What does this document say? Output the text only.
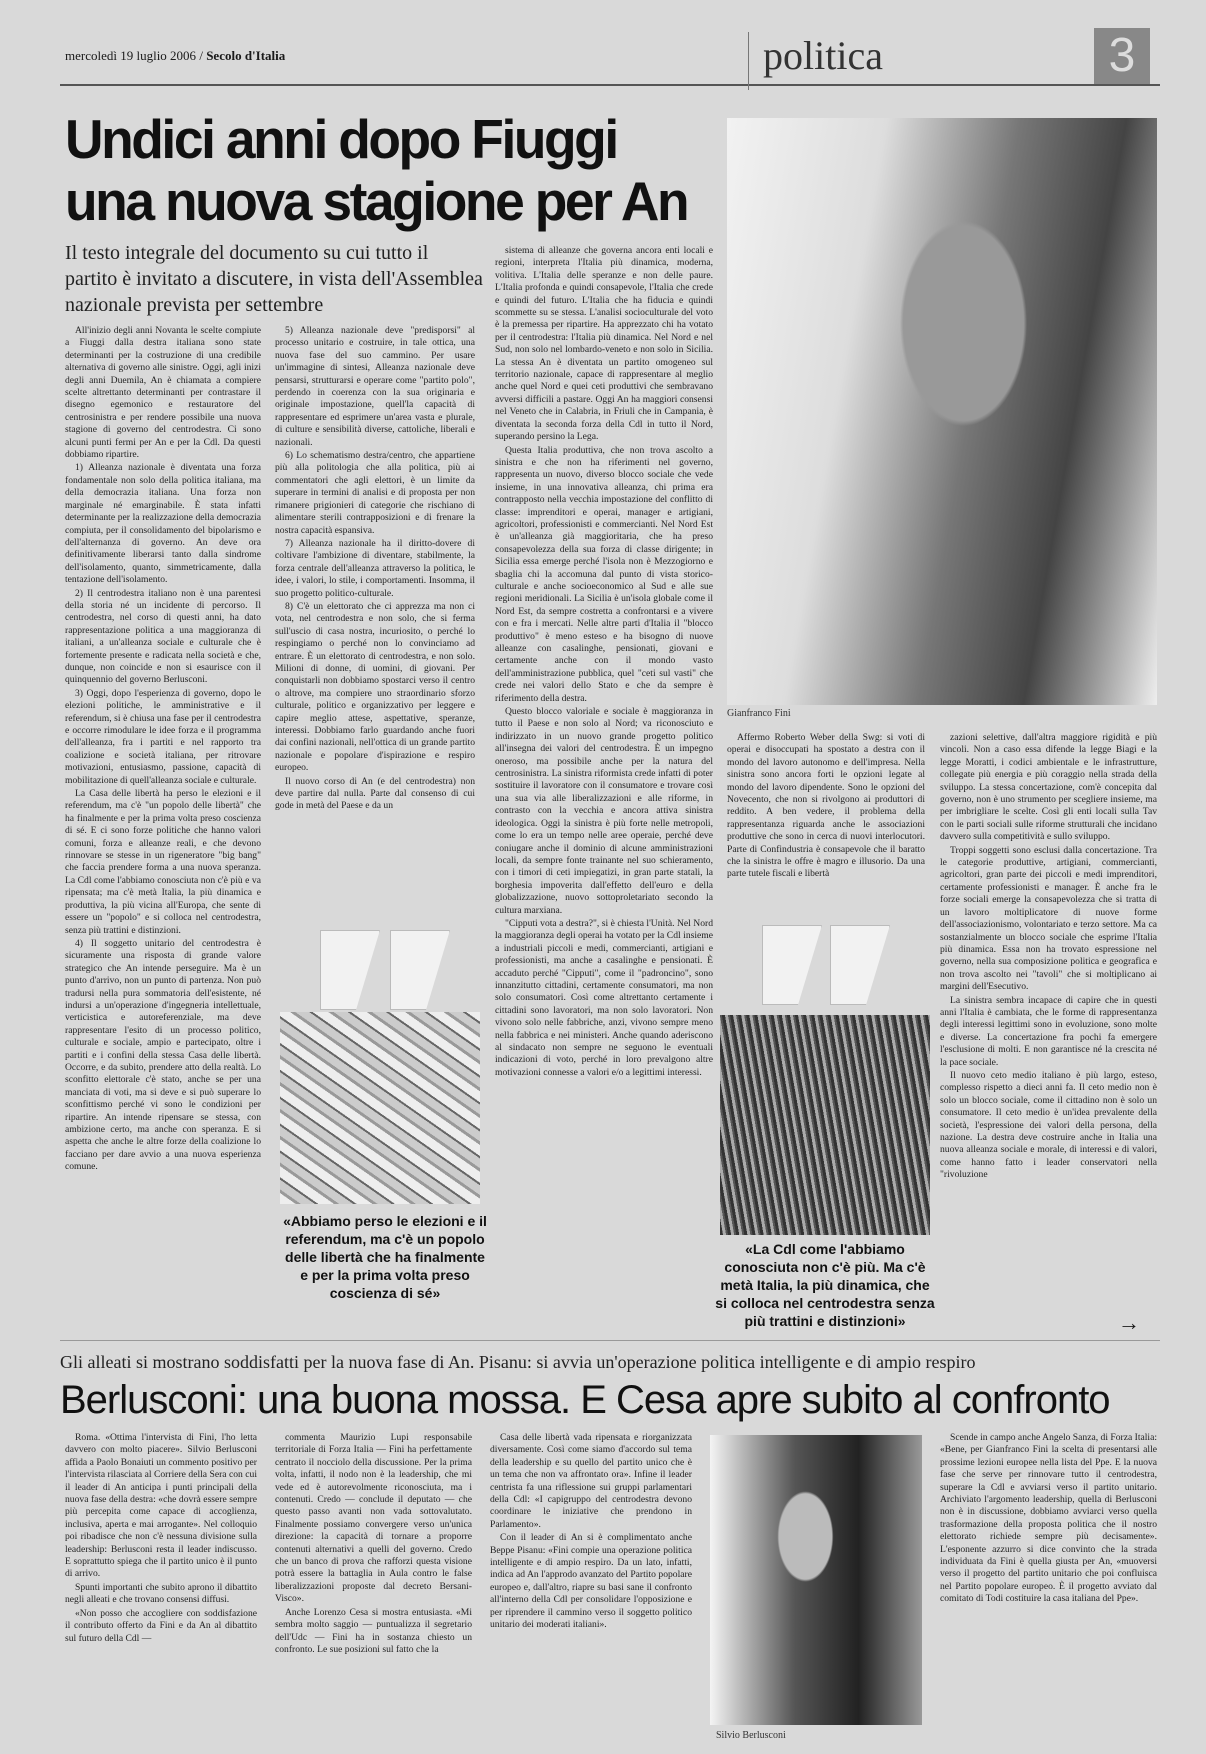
mercoledì 19 luglio 2006 / Secolo d'Italia	politica	3
Undici anni dopo Fiuggi
una nuova stagione per An
Il testo integrale del documento su cui tutto il partito è invitato a discutere, in vista dell'Assemblea nazionale prevista per settembre
Gianfranco Fini

All'inizio degli anni Novanta le scelte compiute a Fiuggi dalla destra italiana sono state determinanti per la costruzione di una credibile alternativa di governo alle sinistre. Oggi, agli inizi degli anni Duemila, An è chiamata a compiere scelte altrettanto determinanti per contrastare il disegno egemonico e restauratore del centrosinistra e per rendere possibile una nuova stagione di governo del centrodestra. Ci sono alcuni punti fermi per An e per la Cdl. Da questi dobbiamo ripartire.

1) Alleanza nazionale è diventata una forza fondamentale non solo della politica italiana, ma della democrazia italiana. Una forza non marginale né emarginabile. È stata infatti determinante per la realizzazione della democrazia compiuta, per il consolidamento del bipolarismo e dell'alternanza di governo. An deve ora definitivamente liberarsi tanto dalla sindrome dell'isolamento, quanto, simmetricamente, dalla tentazione dell'isolamento.

2) Il centrodestra italiano non è una parentesi della storia né un incidente di percorso. Il centrodestra, nel corso di questi anni, ha dato rappresentazione politica a una maggioranza di italiani, a un'alleanza sociale e culturale che è fortemente presente e radicata nella società e che, dunque, non coincide e non si esaurisce con il quinquennio del governo Berlusconi.

3) Oggi, dopo l'esperienza di governo, dopo le elezioni politiche, le amministrative e il referendum, si è chiusa una fase per il centrodestra e occorre rimodulare le idee forza e il programma dell'alleanza, fra i partiti e nel rapporto tra coalizione e società italiana, per ritrovare motivazioni, entusiasmo, passione, capacità di mobilitazione di quell'alleanza sociale e culturale.

La Casa delle libertà ha perso le elezioni e il referendum, ma c'è "un popolo delle libertà" che ha finalmente e per la prima volta preso coscienza di sé. E ci sono forze politiche che hanno valori comuni, forza e alleanze reali, e che devono rinnovare se stesse in un rigeneratore "big bang" che faccia prendere forma a una nuova speranza. La Cdl come l'abbiamo conosciuta non c'è più e va ripensata; ma c'è metà Italia, la più dinamica e produttiva, la più vicina all'Europa, che sente di essere un "popolo" e si colloca nel centrodestra, senza più trattini e distinzioni.

4) Il soggetto unitario del centrodestra è sicuramente una risposta di grande valore strategico che An intende perseguire. Ma è un punto d'arrivo, non un punto di partenza. Non può tradursi nella pura sommatoria dell'esistente, né indursi a un'operazione d'ingegneria intellettuale, verticistica e autoreferenziale, ma deve rappresentare l'esito di un processo politico, culturale e sociale, ampio e partecipato, oltre i partiti e i confini della stessa Casa delle libertà. Occorre, e da subito, prendere atto della realtà. Lo sconfitto elettorale c'è stato, anche se per una manciata di voti, ma si deve e si può superare lo sconfittismo perché vi sono le condizioni per ripartire. An intende ripensare se stessa, con ambizione certo, ma anche con speranza. E si aspetta che anche le altre forze della coalizione lo facciano per dare avvio a una nuova esperienza comune.

5) Alleanza nazionale deve "predisporsi" al processo unitario e costruire, in tale ottica, una nuova fase del suo cammino. Per usare un'immagine di sintesi, Alleanza nazionale deve pensarsi, strutturarsi e operare come "partito polo", perdendo in coerenza con la sua originaria e originale impostazione, quell'la capacità di rappresentare ed esprimere un'area vasta e plurale, di culture e sensibilità diverse, cattoliche, liberali e nazionali.

6) Lo schematismo destra/centro, che appartiene più alla politologia che alla politica, più ai commentatori che agli elettori, è un limite da superare in termini di analisi e di proposta per non rimanere prigionieri di categorie che rischiano di alimentare sterili contrapposizioni e di frenare la nostra capacità espansiva.

7) Alleanza nazionale ha il diritto-dovere di coltivare l'ambizione di diventare, stabilmente, la forza centrale dell'alleanza attraverso la politica, le idee, i valori, lo stile, i comportamenti. Insomma, il suo progetto politico-culturale.

8) C'è un elettorato che ci apprezza ma non ci vota, nel centrodestra e non solo, che si ferma sull'uscio di casa nostra, incuriosito, o perché lo respingiamo o perché non lo convinciamo ad entrare. È un elettorato di centrodestra, e non solo. Milioni di donne, di uomini, di giovani. Per conquistarli non dobbiamo spostarci verso il centro o altrove, ma compiere uno straordinario sforzo culturale, politico e organizzativo per leggere e capire meglio attese, aspettative, speranze, interessi. Dobbiamo farlo guardando anche fuori dai confini nazionali, nell'ottica di un grande partito nazionale e popolare d'ispirazione e respiro europeo.

Il nuovo corso di An (e del centrodestra) non deve partire dal nulla. Parte dal consenso di cui gode in metà del Paese e da un

sistema di alleanze che governa ancora enti locali e regioni, interpreta l'Italia più dinamica, moderna, volitiva. L'Italia delle speranze e non delle paure. L'Italia profonda e quindi consapevole, l'Italia che crede e quindi del futuro. L'Italia che ha fiducia e quindi scommette su se stessa. L'analisi socioculturale del voto è la premessa per ripartire. Ha apprezzato chi ha votato per il centrodestra: l'Italia più dinamica. Nel Nord e nel Sud, non solo nel lombardo-veneto e non solo in Sicilia. La stessa An è diventata un partito omogeneo sul territorio nazionale, capace di rappresentare al meglio anche quel Nord e quei ceti produttivi che sembravano avversi difficili a pastare. Oggi An ha maggiori consensi nel Veneto che in Calabria, in Friuli che in Campania, è diventata la seconda forza della Cdl in tutto il Nord, superando persino la Lega.

Questa Italia produttiva, che non trova ascolto a sinistra e che non ha riferimenti nel governo, rappresenta un nuovo, diverso blocco sociale che vede insieme, in una innovativa alleanza, chi prima era contrapposto nella vecchia impostazione del conflitto di classe: imprenditori e operai, manager e artigiani, agricoltori, professionisti e commercianti. Nel Nord Est è un'alleanza già maggioritaria, che ha preso consapevolezza della sua forza di classe dirigente; in Sicilia essa emerge perché l'isola non è Mezzogiorno e sbaglia chi la accomuna dal punto di vista storico-culturale e anche socioeconomico al Sud e alle sue regioni meridionali. La Sicilia è un'isola globale come il Nord Est, da sempre costretta a confrontarsi e a vivere con e fra i mercati. Nelle altre parti d'Italia il "blocco produttivo" è meno esteso e ha bisogno di nuove alleanze con casalinghe, pensionati, giovani e certamente anche con il mondo vasto dell'amministrazione pubblica, quel "ceti sul vasti" che crede nei valori dello Stato e che da sempre è riferimento della destra.

Questo blocco valoriale e sociale è maggioranza in tutto il Paese e non solo al Nord; va riconosciuto e indirizzato in un nuovo grande progetto politico all'insegna dei valori del centrodestra. È un impegno oneroso, ma possibile anche per la natura del centrosinistra. La sinistra riformista crede infatti di poter sostituire il lavoratore con il consumatore e trovare così una sua via alle liberalizzazioni e alle riforme, in contrasto con la vecchia e ancora attiva sinistra ideologica. Oggi la sinistra è più forte nelle metropoli, come lo era un tempo nelle aree operaie, perché deve coniugare anche il dominio di alcune amministrazioni locali, da sempre fonte trainante nel suo schieramento, con i timori di ceti impiegatizi, in gran parte statali, la borghesia impoverita dall'effetto dell'euro e della globalizzazione, nuovo sottoproletariato secondo la cultura marxiana.

"Cipputi vota a destra?", si è chiesta l'Unità. Nel Nord la maggioranza degli operai ha votato per la Cdl insieme a industriali piccoli e medi, commercianti, artigiani e professionisti, ma anche a casalinghe e pensionati. È accaduto perché "Cipputi", come il "padroncino", sono innanzitutto cittadini, certamente consumatori, ma non solo consumatori. Così come altrettanto certamente i cittadini sono lavoratori, ma non solo lavoratori. Non vivono solo nelle fabbriche, anzi, vivono sempre meno nella fabbrica e nei ministeri. Anche quando aderiscono al sindacato non sempre ne seguono le eventuali indicazioni di voto, perché in loro prevalgono altre motivazioni connesse a valori e/o a legittimi interessi.

Affermo Roberto Weber della Swg: si voti di operai e disoccupati ha spostato a destra con il mondo del lavoro autonomo e dell'impresa. Nella sinistra sono ancora forti le opzioni legate al mondo del lavoro dipendente. Sono le opzioni del Novecento, che non si rivolgono ai produttori di reddito. A ben vedere, il problema della rappresentanza riguarda anche le associazioni produttive che sono in cerca di nuovi interlocutori. Parte di Confindustria è consapevole che il baratto che la sinistra le offre è magro e illusorio. Da una parte tutele fiscali e libertà

zazioni selettive, dall'altra maggiore rigidità e più vincoli. Non a caso essa difende la legge Biagi e la legge Moratti, i codici ambientale e le infrastrutture, collegate più energia e più coraggio nella strada della sviluppo. La stessa concertazione, com'è concepita dal governo, non è uno strumento per scegliere insieme, ma per imbrigliare le scelte. Così gli enti locali sulla Tav con le parti sociali sulle riforme strutturali che incidano davvero sulla competitività e sullo sviluppo.

Troppi soggetti sono esclusi dalla concertazione. Tra le categorie produttive, artigiani, commercianti, agricoltori, gran parte dei piccoli e medi imprenditori, certamente professionisti e manager. È anche fra le forze sociali emerge la consapevolezza che si tratta di un lavoro moltiplicatore di nuove forme dell'associazionismo, volontariato e terzo settore. Ma ca sostanzialmente un blocco sociale che esprime l'Italia più dinamica. Essa non ha trovato espressione nel governo, nella sua composizione politica e geografica e non trova ascolto nei "tavoli" che si moltiplicano ai margini dell'Esecutivo.

La sinistra sembra incapace di capire che in questi anni l'Italia è cambiata, che le forme di rappresentanza degli interessi legittimi sono in evoluzione, sono molte e diverse. La concertazione fra pochi fa emergere l'esclusione di molti. E non garantisce né la crescita né la pace sociale.

Il nuovo ceto medio italiano è più largo, esteso, complesso rispetto a dieci anni fa. Il ceto medio non è solo un blocco sociale, come il cittadino non è solo un consumatore. Il ceto medio è un'idea prevalente della società, l'espressione dei valori della persona, della nazione. La destra deve costruire anche in Italia una nuova alleanza sociale e morale, di interessi e di valori, come hanno fatto i leader conservatori nella "rivoluzione

«Abbiamo perso le elezioni e il referendum, ma c'è un popolo delle libertà che ha finalmente e per la prima volta preso coscienza di sé»
«La Cdl come l'abbiamo conosciuta non c'è più. Ma c'è metà Italia, la più dinamica, che si colloca nel centrodestra senza più trattini e distinzioni»	→
Gli alleati si mostrano soddisfatti per la nuova fase di An. Pisanu: si avvia un'operazione politica intelligente e di ampio respiro
Berlusconi: una buona mossa. E Cesa apre subito al confronto

Roma. «Ottima l'intervista di Fini, l'ho letta davvero con molto piacere». Silvio Berlusconi affida a Paolo Bonaiuti un commento positivo per l'intervista rilasciata al Corriere della Sera con cui il leader di An anticipa i punti principali della nuova fase della destra: «che dovrà essere sempre più percepita come capace di accoglienza, inclusiva, aperta e mai arrogante». Nel colloquio poi ribadisce che non c'è nessuna divisione sulla leadership: Berlusconi resta il leader indiscusso. E soprattutto spiega che il partito unico è il punto di arrivo.

Spunti importanti che subito aprono il dibattito negli alleati e che trovano consensi diffusi.

«Non posso che accogliere con soddisfazione il contributo offerto da Fini e da An al dibattito sul futuro della Cdl —

commenta Maurizio Lupi responsabile territoriale di Forza Italia — Fini ha perfettamente centrato il nocciolo della discussione. Per la prima volta, infatti, il nodo non è la leadership, che mi vede ed è autorevolmente riconosciuta, ma i contenuti. Credo — conclude il deputato — che questo passo avanti non vada sottovalutato. Finalmente possiamo convergere verso un'unica direzione: la capacità di tornare a proporre contenuti alternativi a quelli del governo. Credo che un banco di prova che rafforzi questa visione potrà essere la battaglia in Aula contro le false liberalizzazioni proposte dal decreto Bersani-Visco».

Anche Lorenzo Cesa si mostra entusiasta. «Mi sembra molto saggio — puntualizza il segretario dell'Udc — Fini ha in sostanza chiesto un confronto. Le sue posizioni sul fatto che la

Casa delle libertà vada ripensata e riorganizzata diversamente. Così come siamo d'accordo sul tema della leadership e su quello del partito unico che è un tema che non va affrontato ora». Infine il leader centrista fa una riflessione sui gruppi parlamentari della Cdl: «I capigruppo del centrodestra devono coordinare le iniziative che prendono in Parlamento».

Con il leader di An si è complimentato anche Beppe Pisanu: «Fini compie una operazione politica intelligente e di ampio respiro. Da un lato, infatti, indica ad An l'approdo avanzato del Partito popolare europeo e, dall'altro, riapre su basi sane il confronto all'interno della Cdl per consolidare l'opposizione e per riprendere il cammino verso il soggetto politico unitario dei moderati italiani».

Silvio Berlusconi

Scende in campo anche Angelo Sanza, di Forza Italia: «Bene, per Gianfranco Fini la scelta di presentarsi alle prossime lezioni europee nella lista del Ppe. E la nuova fase che serve per rinnovare tutto il centrodestra, superare la Cdl e avviarsi verso il partito unitario. Archiviato l'argomento leadership, quella di Berlusconi non è in discussione, dobbiamo avviarci verso quella trasformazione della proposta politica che il nostro elettorato richiede sempre più decisamente». L'esponente azzurro si dice convinto che la strada individuata da Fini è quella giusta per An, «muoversi verso il progetto del partito unitario che poi confluisca nel Partito popolare europeo. È il progetto avviato dal comitato di Todi costituire la casa italiana del Ppe».
